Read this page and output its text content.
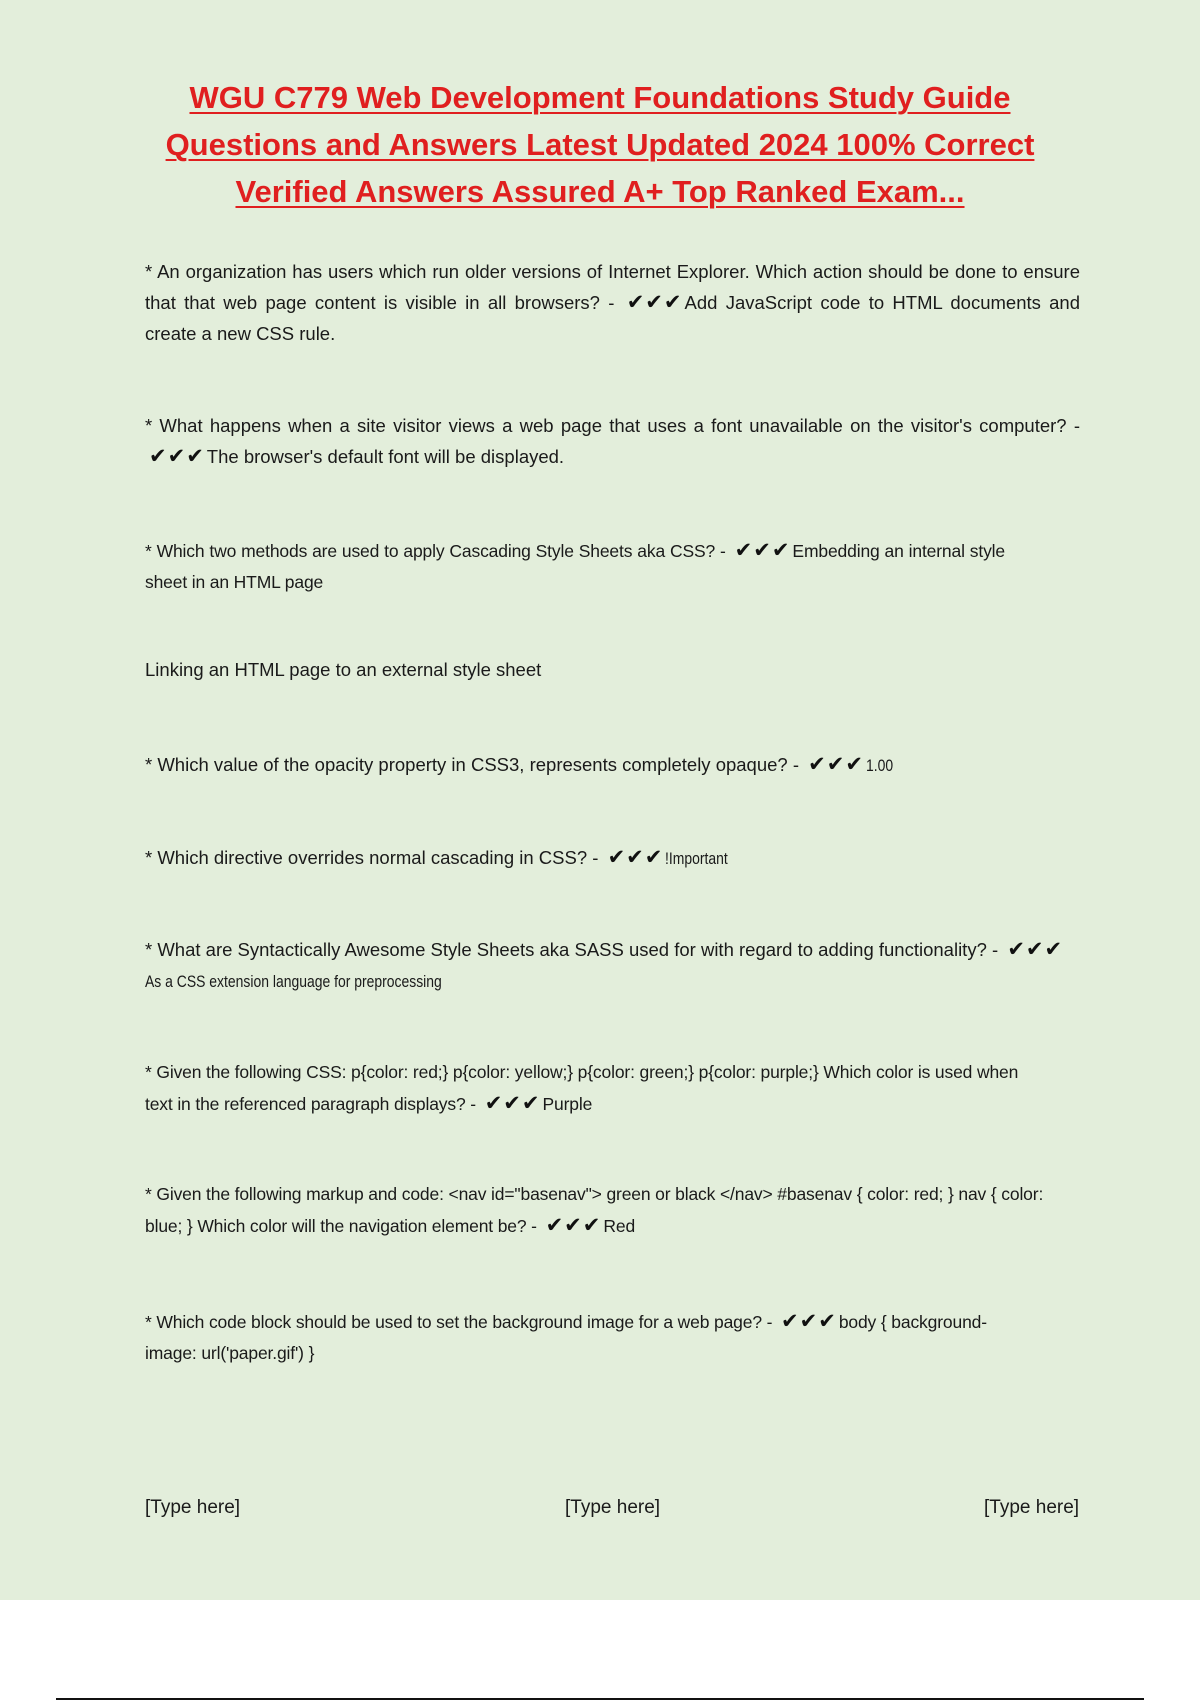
WGU C779 Web Development Foundations Study Guide
Questions and Answers Latest Updated 2024 100% Correct
Verified Answers Assured A+ Top Ranked Exam...

* An organization has users which run older versions of Internet Explorer. Which action should be done to ensure that that web page content is visible in all browsers? - ✔✔✔ Add JavaScript code to HTML documents and create a new CSS rule.

* What happens when a site visitor views a web page that uses a font unavailable on the visitor's computer? - ✔✔✔ The browser's default font will be displayed.

* Which two methods are used to apply Cascading Style Sheets aka CSS? - ✔✔✔ Embedding an internal style sheet in an HTML page

Linking an HTML page to an external style sheet

* Which value of the opacity property in CSS3, represents completely opaque? - ✔✔✔ 1.00

* Which directive overrides normal cascading in CSS? - ✔✔✔ !Important

* What are Syntactically Awesome Style Sheets aka SASS used for with regard to adding functionality? - ✔✔✔As a CSS extension language for preprocessing

* Given the following CSS: p{color: red;} p{color: yellow;} p{color: green;} p{color: purple;} Which color is used when text in the referenced paragraph displays? - ✔✔✔ Purple

* Given the following markup and code: <nav id="basenav"> green or black </nav> #basenav { color: red; } nav { color: blue; } Which color will the navigation element be? - ✔✔✔ Red

* Which code block should be used to set the background image for a web page? - ✔✔✔ body { background-image: url('paper.gif') }

[Type here]	[Type here]	[Type here]
